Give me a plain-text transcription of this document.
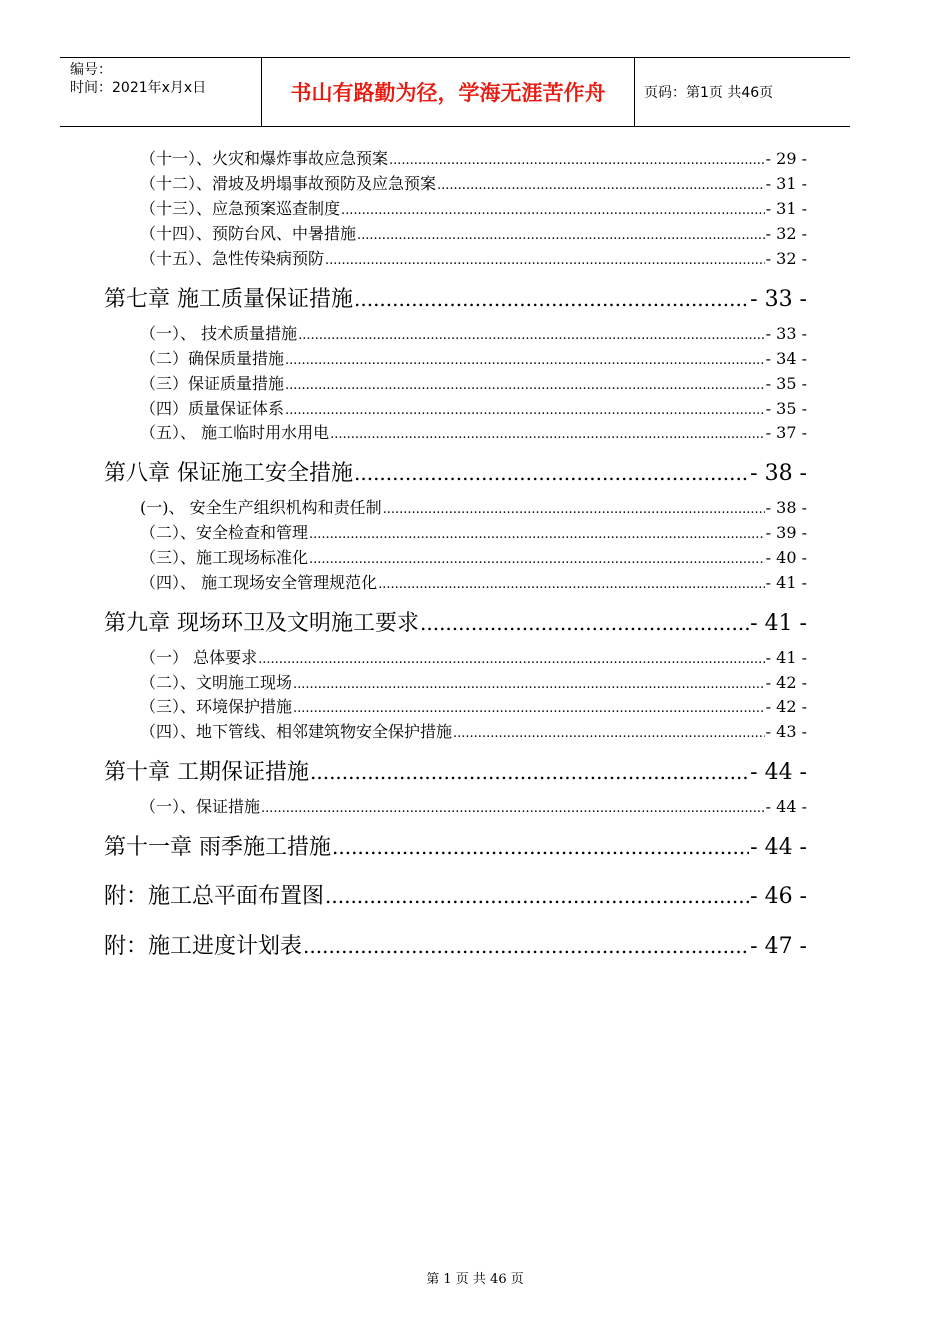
编号：
时间：2021年x月x日	书山有路勤为径，学海无涯苦作舟	页码：第1页 共46页
（十一）、火灾和爆炸事故应急预案 .....	- 29 -
（十二）、滑坡及坍塌事故预防及应急预案 .....	- 31 -
（十三）、应急预案巡查制度 .....	- 31 -
（十四）、预防台风、中暑措施 .....	- 32 -
（十五）、急性传染病预防 .....	- 32 -
第七章 施工质量保证措施 .....	- 33 -
（一）、 技术质量措施 .....	- 33 -
（二）确保质量措施 .....	- 34 -
（三）保证质量措施 .....	- 35 -
（四）质量保证体系 .....	- 35 -
（五）、 施工临时用水用电 .....	- 37 -
第八章 保证施工安全措施 .....	- 38 -
(一)、 安全生产组织机构和责任制 .....	- 38 -
（二）、安全检查和管理 .....	- 39 -
（三）、施工现场标准化 .....	- 40 -
（四）、 施工现场安全管理规范化 .....	- 41 -
第九章 现场环卫及文明施工要求 .....	- 41 -
（一） 总体要求 .....	- 41 -
（二）、文明施工现场 .....	- 42 -
（三）、环境保护措施 .....	- 42 -
（四）、地下管线、相邻建筑物安全保护措施 .....	- 43 -
第十章 工期保证措施 .....	- 44 -
（一）、保证措施 .....	- 44 -
第十一章 雨季施工措施 .....	- 44 -
附：施工总平面布置图 .....	- 46 -
附：施工进度计划表 .....	- 47 -
第 1 页 共 46 页
